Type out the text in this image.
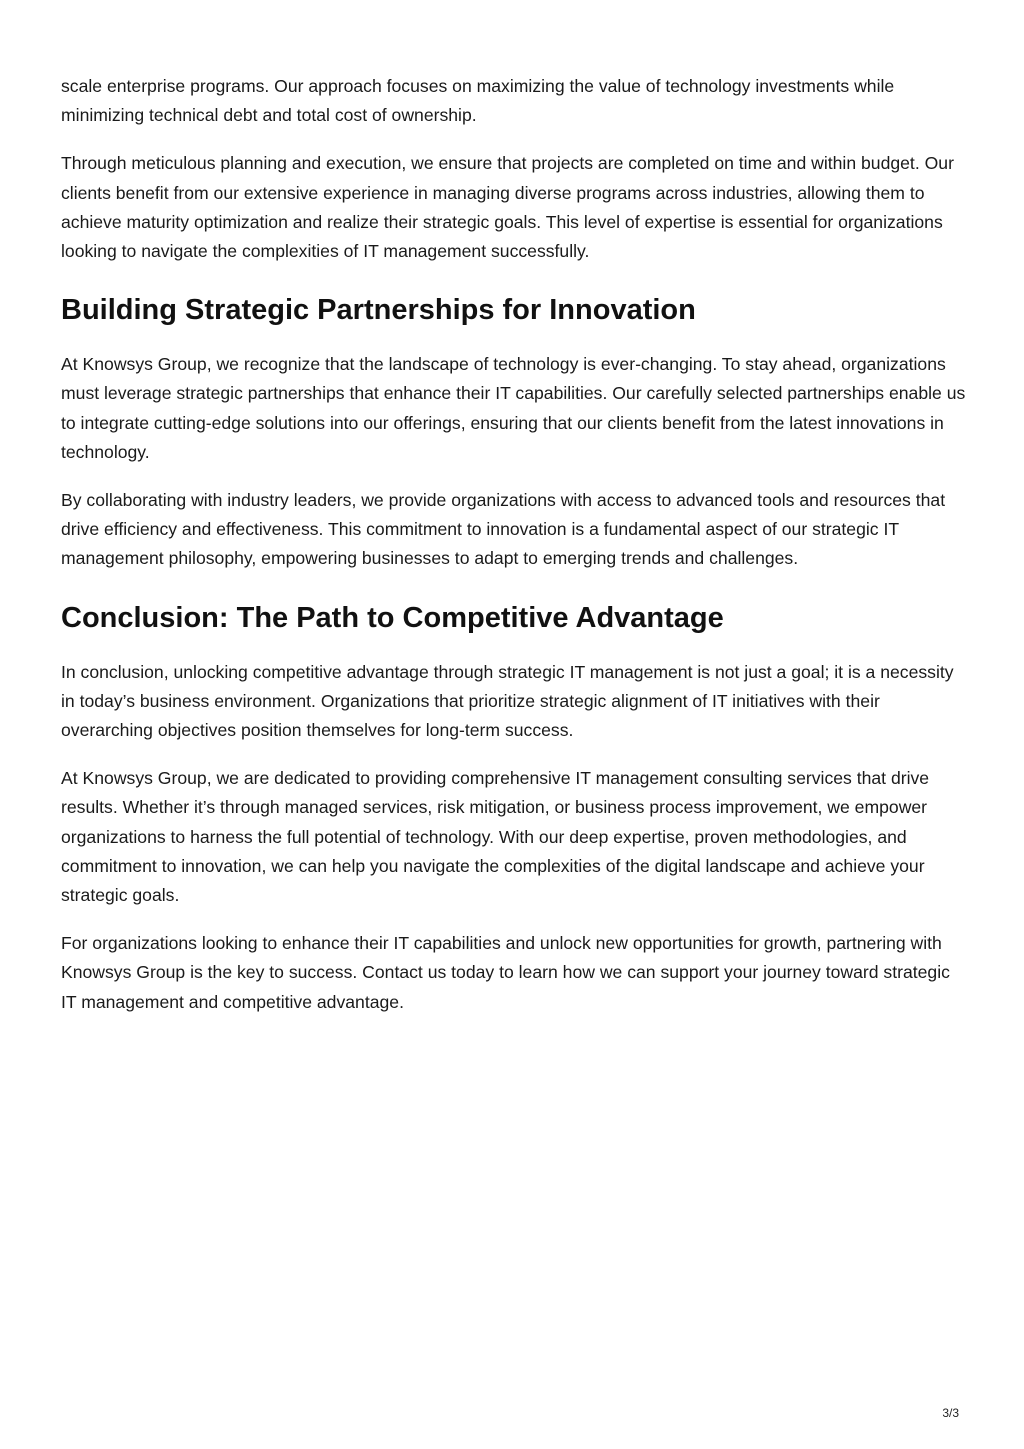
scale enterprise programs. Our approach focuses on maximizing the value of technology investments while minimizing technical debt and total cost of ownership.

Through meticulous planning and execution, we ensure that projects are completed on time and within budget. Our clients benefit from our extensive experience in managing diverse programs across industries, allowing them to achieve maturity optimization and realize their strategic goals. This level of expertise is essential for organizations looking to navigate the complexities of IT management successfully.

Building Strategic Partnerships for Innovation

At Knowsys Group, we recognize that the landscape of technology is ever-changing. To stay ahead, organizations must leverage strategic partnerships that enhance their IT capabilities. Our carefully selected partnerships enable us to integrate cutting-edge solutions into our offerings, ensuring that our clients benefit from the latest innovations in technology.

By collaborating with industry leaders, we provide organizations with access to advanced tools and resources that drive efficiency and effectiveness. This commitment to innovation is a fundamental aspect of our strategic IT management philosophy, empowering businesses to adapt to emerging trends and challenges.

Conclusion: The Path to Competitive Advantage

In conclusion, unlocking competitive advantage through strategic IT management is not just a goal; it is a necessity in today’s business environment. Organizations that prioritize strategic alignment of IT initiatives with their overarching objectives position themselves for long-term success.

At Knowsys Group, we are dedicated to providing comprehensive IT management consulting services that drive results. Whether it’s through managed services, risk mitigation, or business process improvement, we empower organizations to harness the full potential of technology. With our deep expertise, proven methodologies, and commitment to innovation, we can help you navigate the complexities of the digital landscape and achieve your strategic goals.

For organizations looking to enhance their IT capabilities and unlock new opportunities for growth, partnering with Knowsys Group is the key to success. Contact us today to learn how we can support your journey toward strategic IT management and competitive advantage.

3/3
